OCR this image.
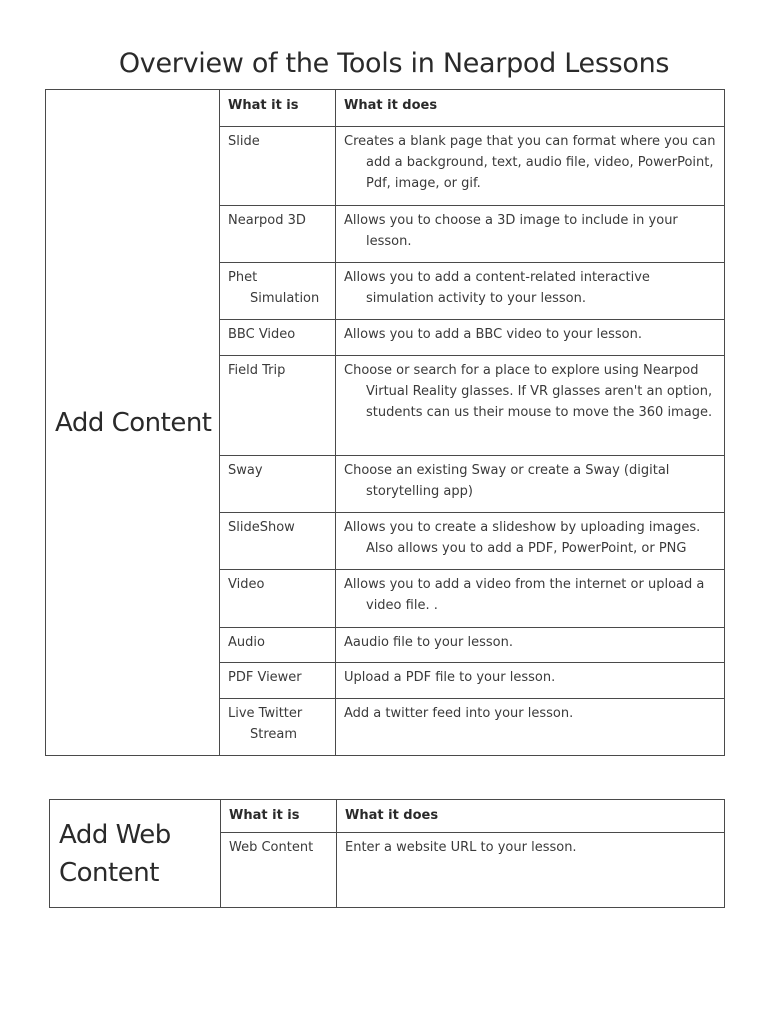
Overview of the Tools in Nearpod Lessons
Add Content	What it is	What it does
	Slide	Creates a blank page that you can format where you can add a background, text, audio file, video, PowerPoint, Pdf, image, or gif.
	Nearpod 3D	Allows you to choose a 3D image to include in your lesson.
	Phet Simulation	Allows you to add a content-related interactive simulation activity to your lesson.
	BBC Video	Allows you to add a BBC video to your lesson.
	Field Trip	Choose or search for a place to explore using Nearpod Virtual Reality glasses. If VR glasses aren't an option, students can us their mouse to move the 360 image.
	Sway	Choose an existing Sway or create a Sway (digital storytelling app)
	SlideShow	Allows you to create a slideshow by uploading images. Also allows you to add a PDF, PowerPoint, or PNG
	Video	Allows you to add a video from the internet or upload a video file. .
	Audio	Aaudio file to your lesson.
	PDF Viewer	Upload a PDF file to your lesson.
	Live Twitter Stream	Add a twitter feed into your lesson.
Add Web Content	What it is	What it does
	Web Content	Enter a website URL to your lesson.
